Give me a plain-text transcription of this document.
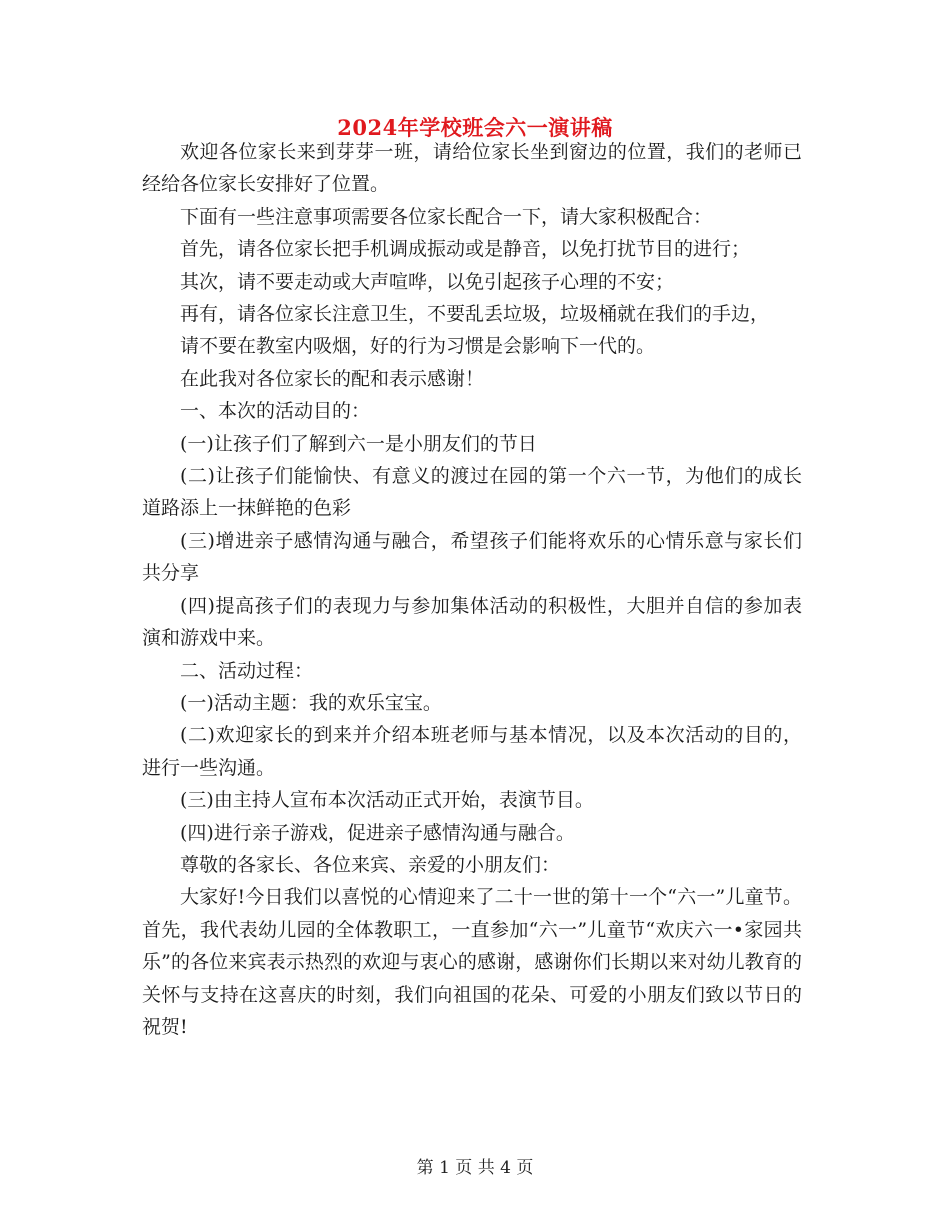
2024年学校班会六一演讲稿

欢迎各位家长来到芽芽一班，请给位家长坐到窗边的位置，我们的老师已经给各位家长安排好了位置。

下面有一些注意事项需要各位家长配合一下，请大家积极配合：

首先，请各位家长把手机调成振动或是静音，以免打扰节目的进行；

其次，请不要走动或大声喧哗，以免引起孩子心理的不安；

再有，请各位家长注意卫生，不要乱丢垃圾，垃圾桶就在我们的手边，

请不要在教室内吸烟，好的行为习惯是会影响下一代的。

在此我对各位家长的配和表示感谢！

一、本次的活动目的：

(一)让孩子们了解到六一是小朋友们的节日

(二)让孩子们能愉快、有意义的渡过在园的第一个六一节，为他们的成长道路添上一抹鲜艳的色彩

(三)增进亲子感情沟通与融合，希望孩子们能将欢乐的心情乐意与家长们共分享

(四)提高孩子们的表现力与参加集体活动的积极性，大胆并自信的参加表演和游戏中来。

二、活动过程：

(一)活动主题：我的欢乐宝宝。

(二)欢迎家长的到来并介绍本班老师与基本情况，以及本次活动的目的，进行一些沟通。

(三)由主持人宣布本次活动正式开始，表演节目。

(四)进行亲子游戏，促进亲子感情沟通与融合。

尊敬的各家长、各位来宾、亲爱的小朋友们：

大家好!今日我们以喜悦的心情迎来了二十一世的第十一个“六一”儿童节。首先，我代表幼儿园的全体教职工，一直参加“六一”儿童节“欢庆六一•家园共乐”的各位来宾表示热烈的欢迎与衷心的感谢，感谢你们长期以来对幼儿教育的关怀与支持在这喜庆的时刻，我们向祖国的花朵、可爱的小朋友们致以节日的祝贺!

第 1 页 共 4 页
